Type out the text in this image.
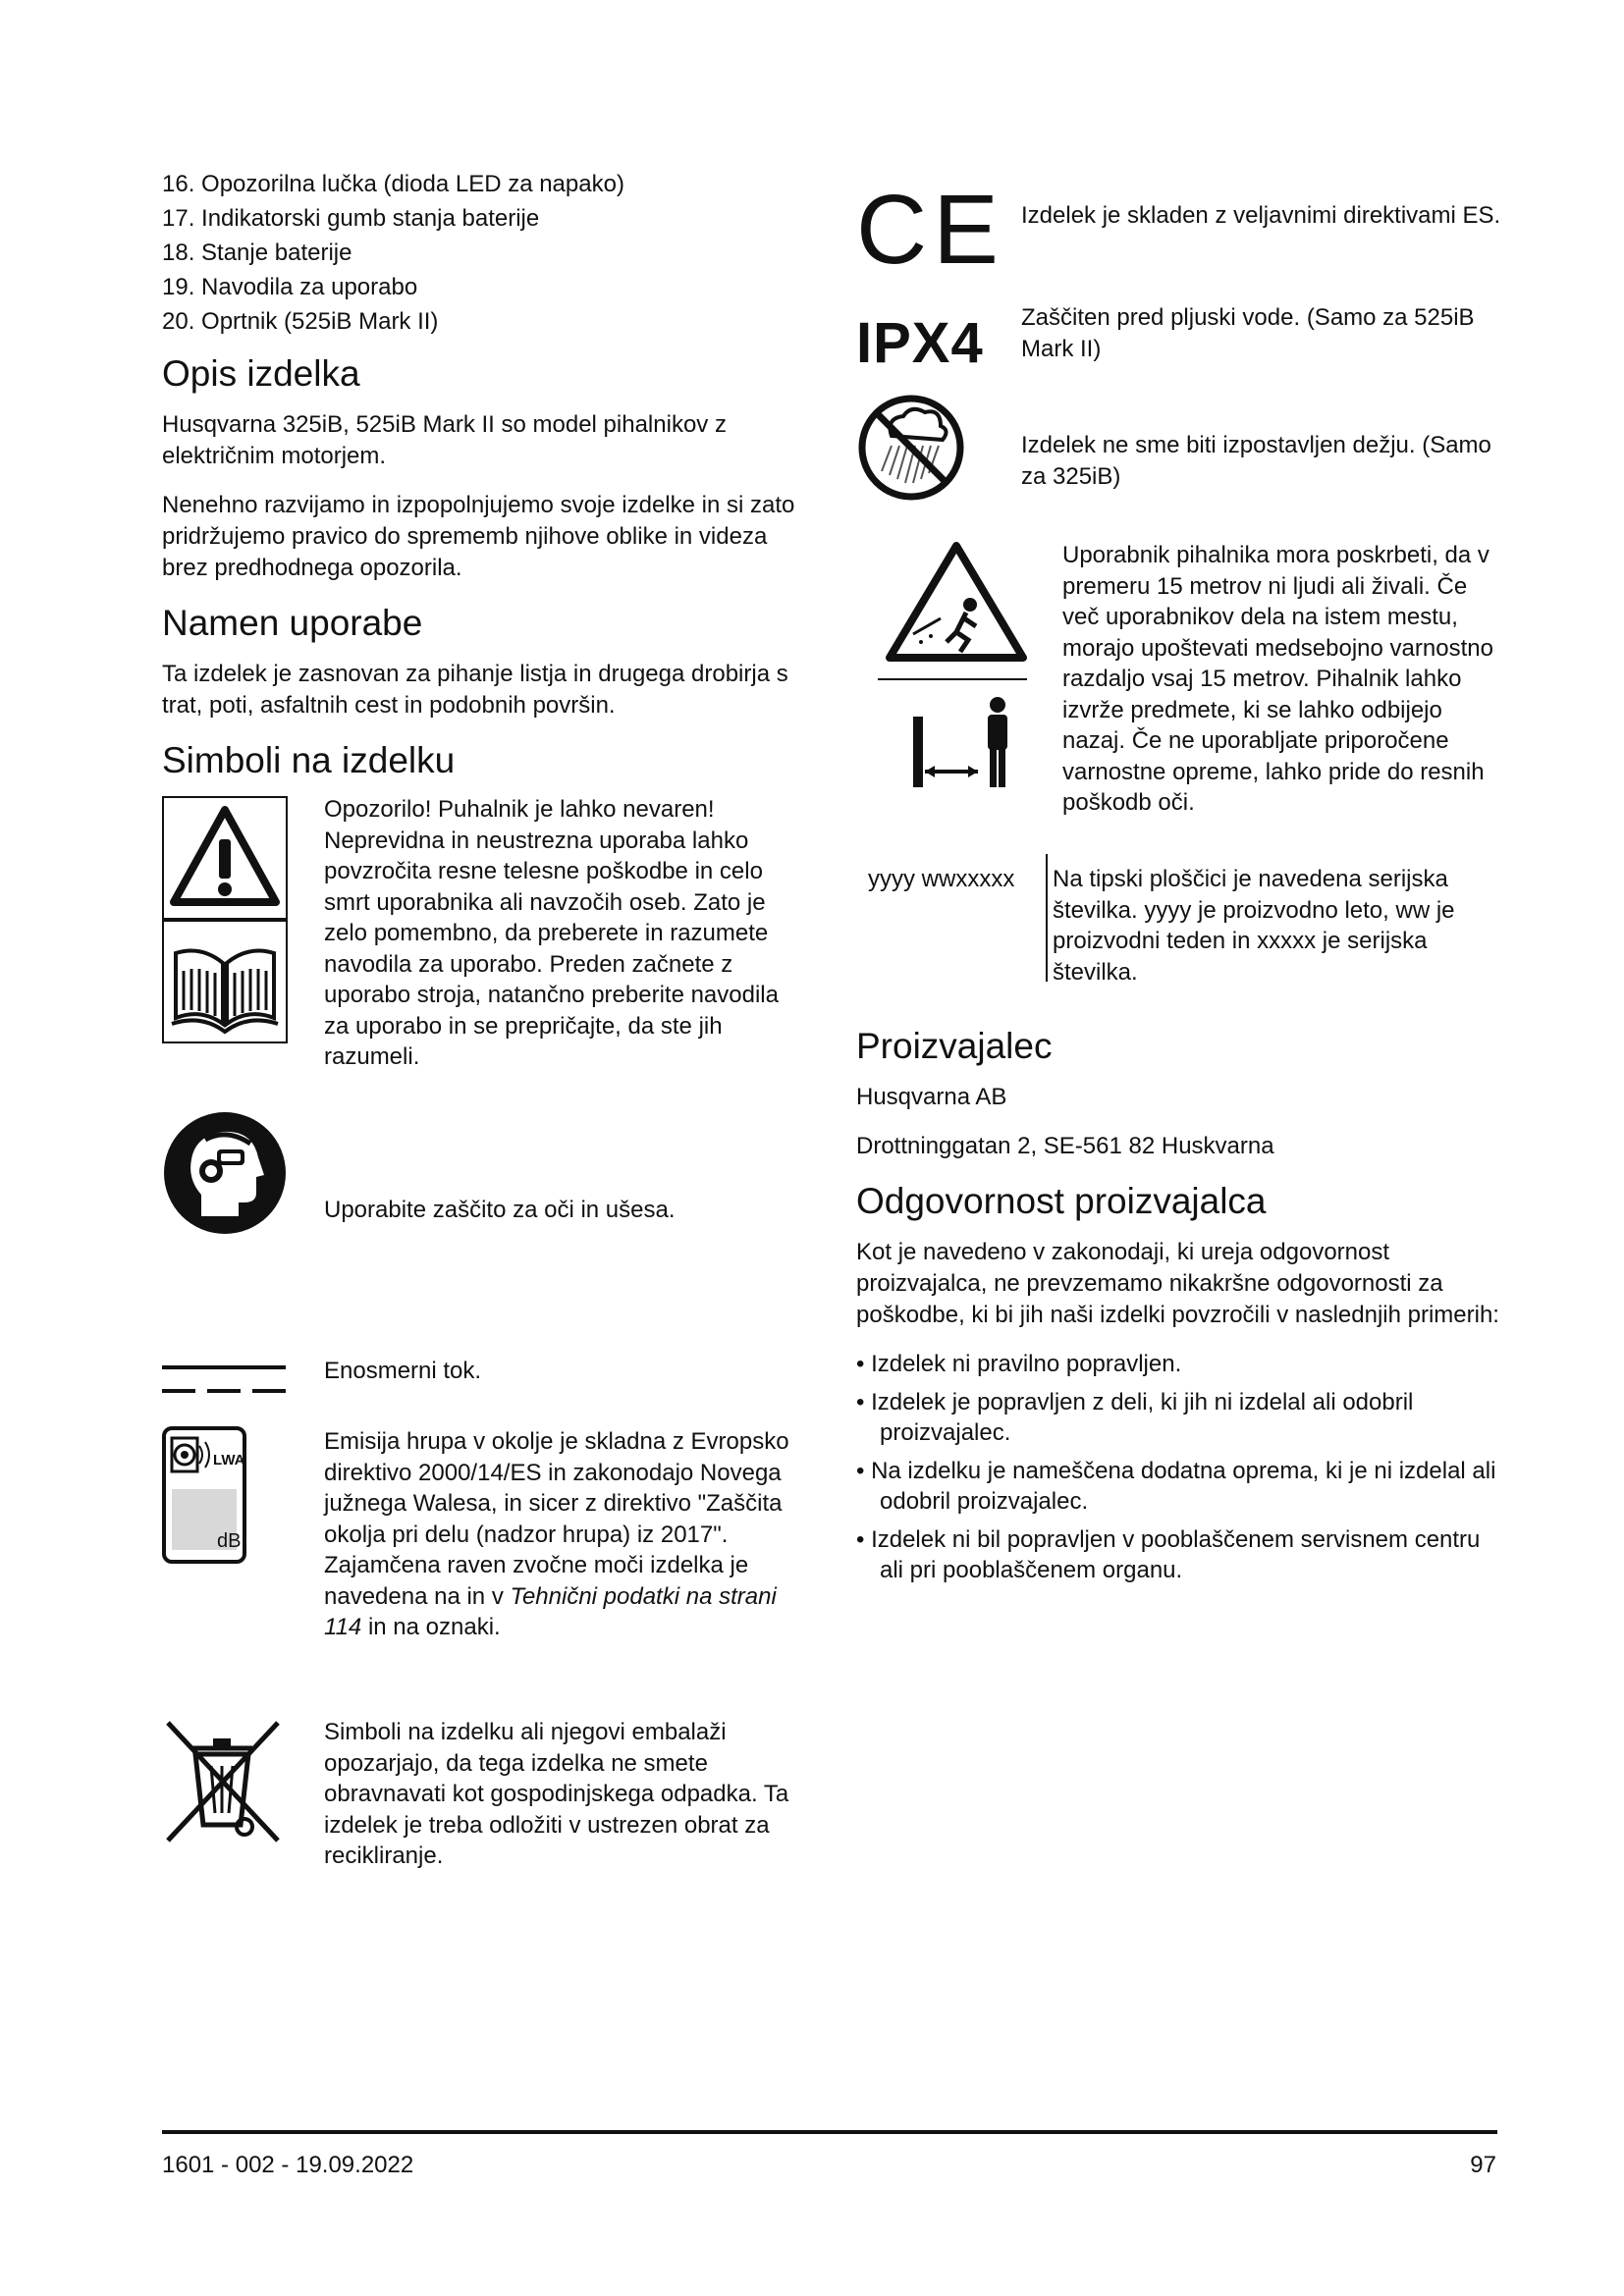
16. Opozorilna lučka (dioda LED za napako)
17. Indikatorski gumb stanja baterije
18. Stanje baterije
19. Navodila za uporabo
20. Oprtnik (525iB Mark II)
Opis izdelka

Husqvarna 325iB, 525iB Mark II so model pihalnikov z električnim motorjem.

Nenehno razvijamo in izpopolnjujemo svoje izdelke in si zato pridržujemo pravico do sprememb njihove oblike in videza brez predhodnega opozorila.

Namen uporabe

Ta izdelek je zasnovan za pihanje listja in drugega drobirja s trat, poti, asfaltnih cest in podobnih površin.

Simboli na izdelku

Opozorilo! Puhalnik je lahko nevaren! Neprevidna in neustrezna uporaba lahko povzročita resne telesne poškodbe in celo smrt uporabnika ali navzočih oseb. Zato je zelo pomembno, da preberete in razumete navodila za uporabo. Preden začnete z uporabo stroja, natančno preberite navodila za uporabo in se prepričajte, da ste jih razumeli.

Uporabite zaščito za oči in ušesa.

Enosmerni tok.

LWA
dB

Emisija hrupa v okolje je skladna z Evropsko direktivo 2000/14/ES in zakonodajo Novega južnega Walesa, in sicer z direktivo "Zaščita okolja pri delu (nadzor hrupa) iz 2017". Zajamčena raven zvočne moči izdelka je navedena na in v Tehnični podatki na strani 114 in na oznaki.

Simboli na izdelku ali njegovi embalaži opozarjajo, da tega izdelka ne smete obravnavati kot gospodinjskega odpadka. Ta izdelek je treba odložiti v ustrezen obrat za recikliranje.

CE Izdelek je skladen z veljavnimi direktivami ES.

IPX4 Zaščiten pred pljuski vode. (Samo za 525iB Mark II)

Izdelek ne sme biti izpostavljen dežju. (Samo za 325iB)

Uporabnik pihalnika mora poskrbeti, da v premeru 15 metrov ni ljudi ali živali. Če več uporabnikov dela na istem mestu, morajo upoštevati medsebojno varnostno razdaljo vsaj 15 metrov. Pihalnik lahko izvrže predmete, ki se lahko odbijejo nazaj. Če ne uporabljate priporočene varnostne opreme, lahko pride do resnih poškodb oči.

yyyy wwxxxxx Na tipski ploščici je navedena serijska številka. yyyy je proizvodno leto, ww je proizvodni teden in xxxxx je serijska številka.

Proizvajalec

Husqvarna AB

Drottninggatan 2, SE-561 82 Huskvarna

Odgovornost proizvajalca

Kot je navedeno v zakonodaji, ki ureja odgovornost proizvajalca, ne prevzemamo nikakršne odgovornosti za poškodbe, ki bi jih naši izdelki povzročili v naslednjih primerih:

• Izdelek ni pravilno popravljen.
• Izdelek je popravljen z deli, ki jih ni izdelal ali odobril proizvajalec.
• Na izdelku je nameščena dodatna oprema, ki je ni izdelal ali odobril proizvajalec.
• Izdelek ni bil popravljen v pooblaščenem servisnem centru ali pri pooblaščenem organu.
1601 - 002 - 19.09.2022	97
